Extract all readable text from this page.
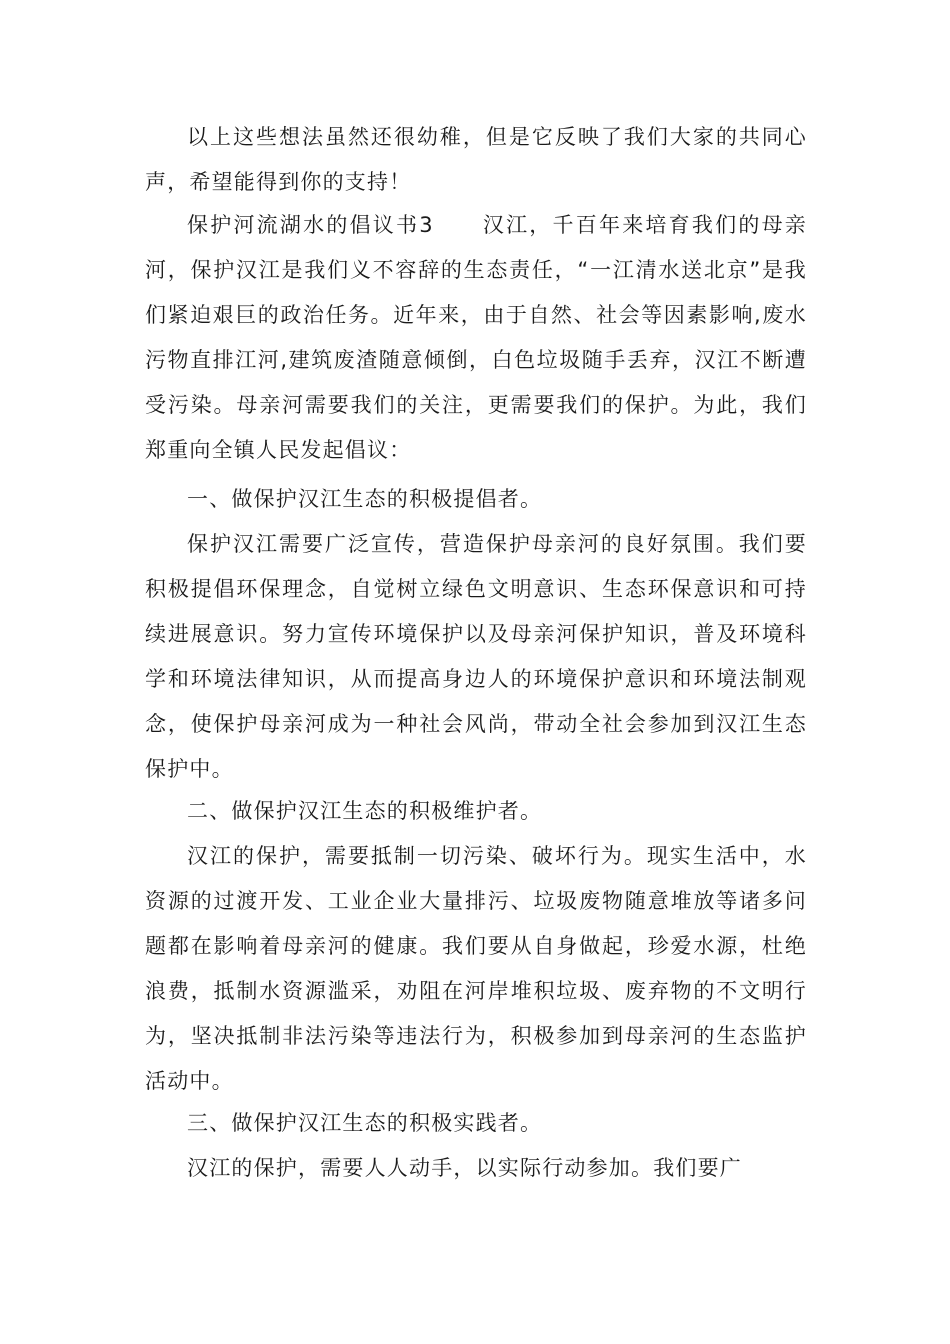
以上这些想法虽然还很幼稚，但是它反映了我们大家的共同心声，希望能得到你的支持！

保护河流湖水的倡议书3 汉江，千百年来培育我们的母亲河，保护汉江是我们义不容辞的生态责任，“一江清水送北京”是我们紧迫艰巨的政治任务。近年来，由于自然、社会等因素影响,废水污物直排江河,建筑废渣随意倾倒，白色垃圾随手丢弃，汉江不断遭受污染。母亲河需要我们的关注，更需要我们的保护。为此，我们郑重向全镇人民发起倡议：

一、做保护汉江生态的积极提倡者。

保护汉江需要广泛宣传，营造保护母亲河的良好氛围。我们要积极提倡环保理念，自觉树立绿色文明意识、生态环保意识和可持续进展意识。努力宣传环境保护以及母亲河保护知识，普及环境科学和环境法律知识，从而提高身边人的环境保护意识和环境法制观念，使保护母亲河成为一种社会风尚，带动全社会参加到汉江生态保护中。

二、做保护汉江生态的积极维护者。

汉江的保护，需要抵制一切污染、破坏行为。现实生活中，水资源的过渡开发、工业企业大量排污、垃圾废物随意堆放等诸多问题都在影响着母亲河的健康。我们要从自身做起，珍爱水源，杜绝浪费，抵制水资源滥采，劝阻在河岸堆积垃圾、废弃物的不文明行为，坚决抵制非法污染等违法行为，积极参加到母亲河的生态监护活动中。

三、做保护汉江生态的积极实践者。

汉江的保护，需要人人动手，以实际行动参加。我们要广
